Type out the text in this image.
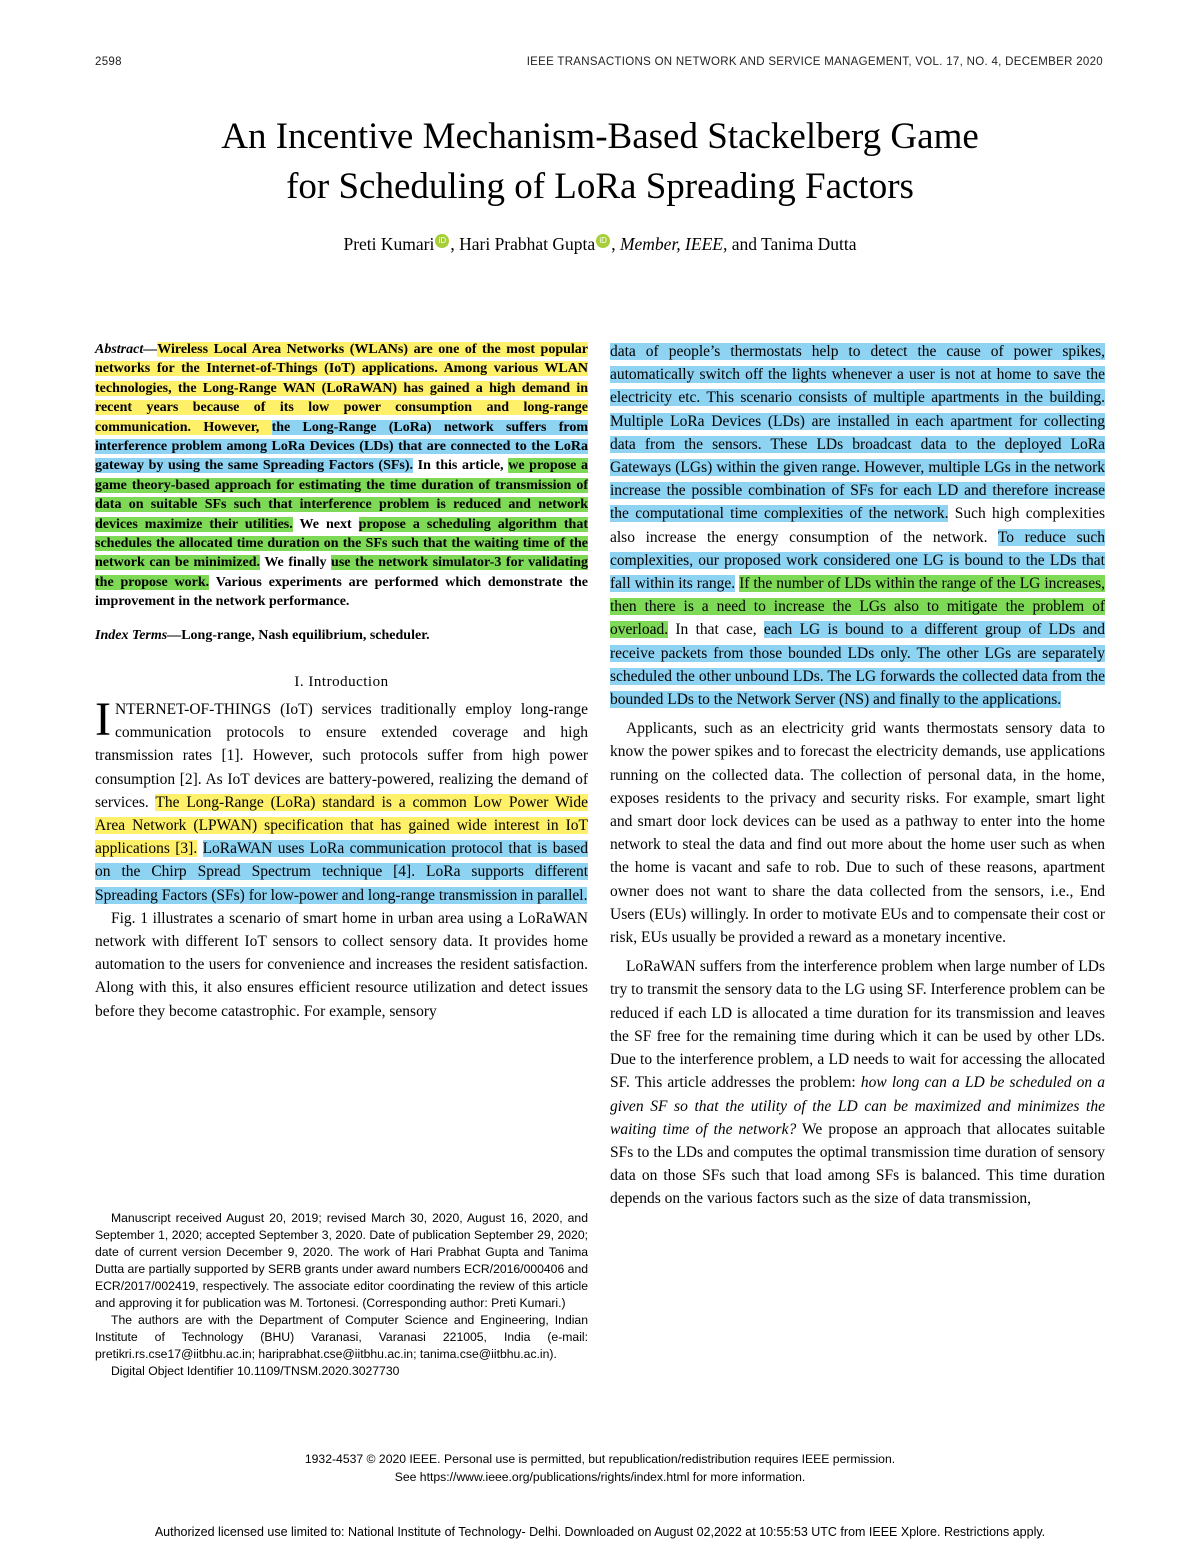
2598	IEEE TRANSACTIONS ON NETWORK AND SERVICE MANAGEMENT, VOL. 17, NO. 4, DECEMBER 2020
An Incentive Mechanism-Based Stackelberg Game
for Scheduling of LoRa Spreading Factors
Preti Kumari iD , Hari Prabhat Gupta iD , Member, IEEE, and Tanima Dutta

Abstract—Wireless Local Area Networks (WLANs) are one of the most popular networks for the Internet-of-Things (IoT) applications. Among various WLAN technologies, the Long-Range WAN (LoRaWAN) has gained a high demand in recent years because of its low power consumption and long-range communication. However, the Long-Range (LoRa) network suffers from interference problem among LoRa Devices (LDs) that are connected to the LoRa gateway by using the same Spreading Factors (SFs). In this article, we propose a game theory-based approach for estimating the time duration of transmission of data on suitable SFs such that interference problem is reduced and network devices maximize their utilities. We next propose a scheduling algorithm that schedules the allocated time duration on the SFs such that the waiting time of the network can be minimized. We finally use the network simulator-3 for validating the propose work. Various experiments are performed which demonstrate the improvement in the network performance.

Index Terms—Long-range, Nash equilibrium, scheduler.

I. Introduction

INTERNET-OF-THINGS (IoT) services traditionally employ long-range communication protocols to ensure extended coverage and high transmission rates [1]. However, such protocols suffer from high power consumption [2]. As IoT devices are battery-powered, realizing the demand of services. The Long-Range (LoRa) standard is a common Low Power Wide Area Network (LPWAN) specification that has gained wide interest in IoT applications [3]. LoRaWAN uses LoRa communication protocol that is based on the Chirp Spread Spectrum technique [4]. LoRa supports different Spreading Factors (SFs) for low-power and long-range transmission in parallel.

Fig. 1 illustrates a scenario of smart home in urban area using a LoRaWAN network with different IoT sensors to collect sensory data. It provides home automation to the users for convenience and increases the resident satisfaction. Along with this, it also ensures efficient resource utilization and detect issues before they become catastrophic. For example, sensory

Manuscript received August 20, 2019; revised March 30, 2020, August 16, 2020, and September 1, 2020; accepted September 3, 2020. Date of publication September 29, 2020; date of current version December 9, 2020. The work of Hari Prabhat Gupta and Tanima Dutta are partially supported by SERB grants under award numbers ECR/2016/000406 and ECR/2017/002419, respectively. The associate editor coordinating the review of this article and approving it for publication was M. Tortonesi. (Corresponding author: Preti Kumari.)

The authors are with the Department of Computer Science and Engineering, Indian Institute of Technology (BHU) Varanasi, Varanasi 221005, India (e-mail: pretikri.rs.cse17@iitbhu.ac.in; hariprabhat.cse@iitbhu.ac.in; tanima.cse@iitbhu.ac.in).

Digital Object Identifier 10.1109/TNSM.2020.3027730

data of people’s thermostats help to detect the cause of power spikes, automatically switch off the lights whenever a user is not at home to save the electricity etc. This scenario consists of multiple apartments in the building. Multiple LoRa Devices (LDs) are installed in each apartment for collecting data from the sensors. These LDs broadcast data to the deployed LoRa Gateways (LGs) within the given range. However, multiple LGs in the network increase the possible combination of SFs for each LD and therefore increase the computational time complexities of the network. Such high complexities also increase the energy consumption of the network. To reduce such complexities, our proposed work considered one LG is bound to the LDs that fall within its range. If the number of LDs within the range of the LG increases, then there is a need to increase the LGs also to mitigate the problem of overload. In that case, each LG is bound to a different group of LDs and receive packets from those bounded LDs only. The other LGs are separately scheduled the other unbound LDs. The LG forwards the collected data from the bounded LDs to the Network Server (NS) and finally to the applications.

Applicants, such as an electricity grid wants thermostats sensory data to know the power spikes and to forecast the electricity demands, use applications running on the collected data. The collection of personal data, in the home, exposes residents to the privacy and security risks. For example, smart light and smart door lock devices can be used as a pathway to enter into the home network to steal the data and find out more about the home user such as when the home is vacant and safe to rob. Due to such of these reasons, apartment owner does not want to share the data collected from the sensors, i.e., End Users (EUs) willingly. In order to motivate EUs and to compensate their cost or risk, EUs usually be provided a reward as a monetary incentive.

LoRaWAN suffers from the interference problem when large number of LDs try to transmit the sensory data to the LG using SF. Interference problem can be reduced if each LD is allocated a time duration for its transmission and leaves the SF free for the remaining time during which it can be used by other LDs. Due to the interference problem, a LD needs to wait for accessing the allocated SF. This article addresses the problem: how long can a LD be scheduled on a given SF so that the utility of the LD can be maximized and minimizes the waiting time of the network? We propose an approach that allocates suitable SFs to the LDs and computes the optimal transmission time duration of sensory data on those SFs such that load among SFs is balanced. This time duration depends on the various factors such as the size of data transmission,

1932-4537 © 2020 IEEE. Personal use is permitted, but republication/redistribution requires IEEE permission.
See https://www.ieee.org/publications/rights/index.html for more information.
Authorized licensed use limited to: National Institute of Technology- Delhi. Downloaded on August 02,2022 at 10:55:53 UTC from IEEE Xplore. Restrictions apply.
